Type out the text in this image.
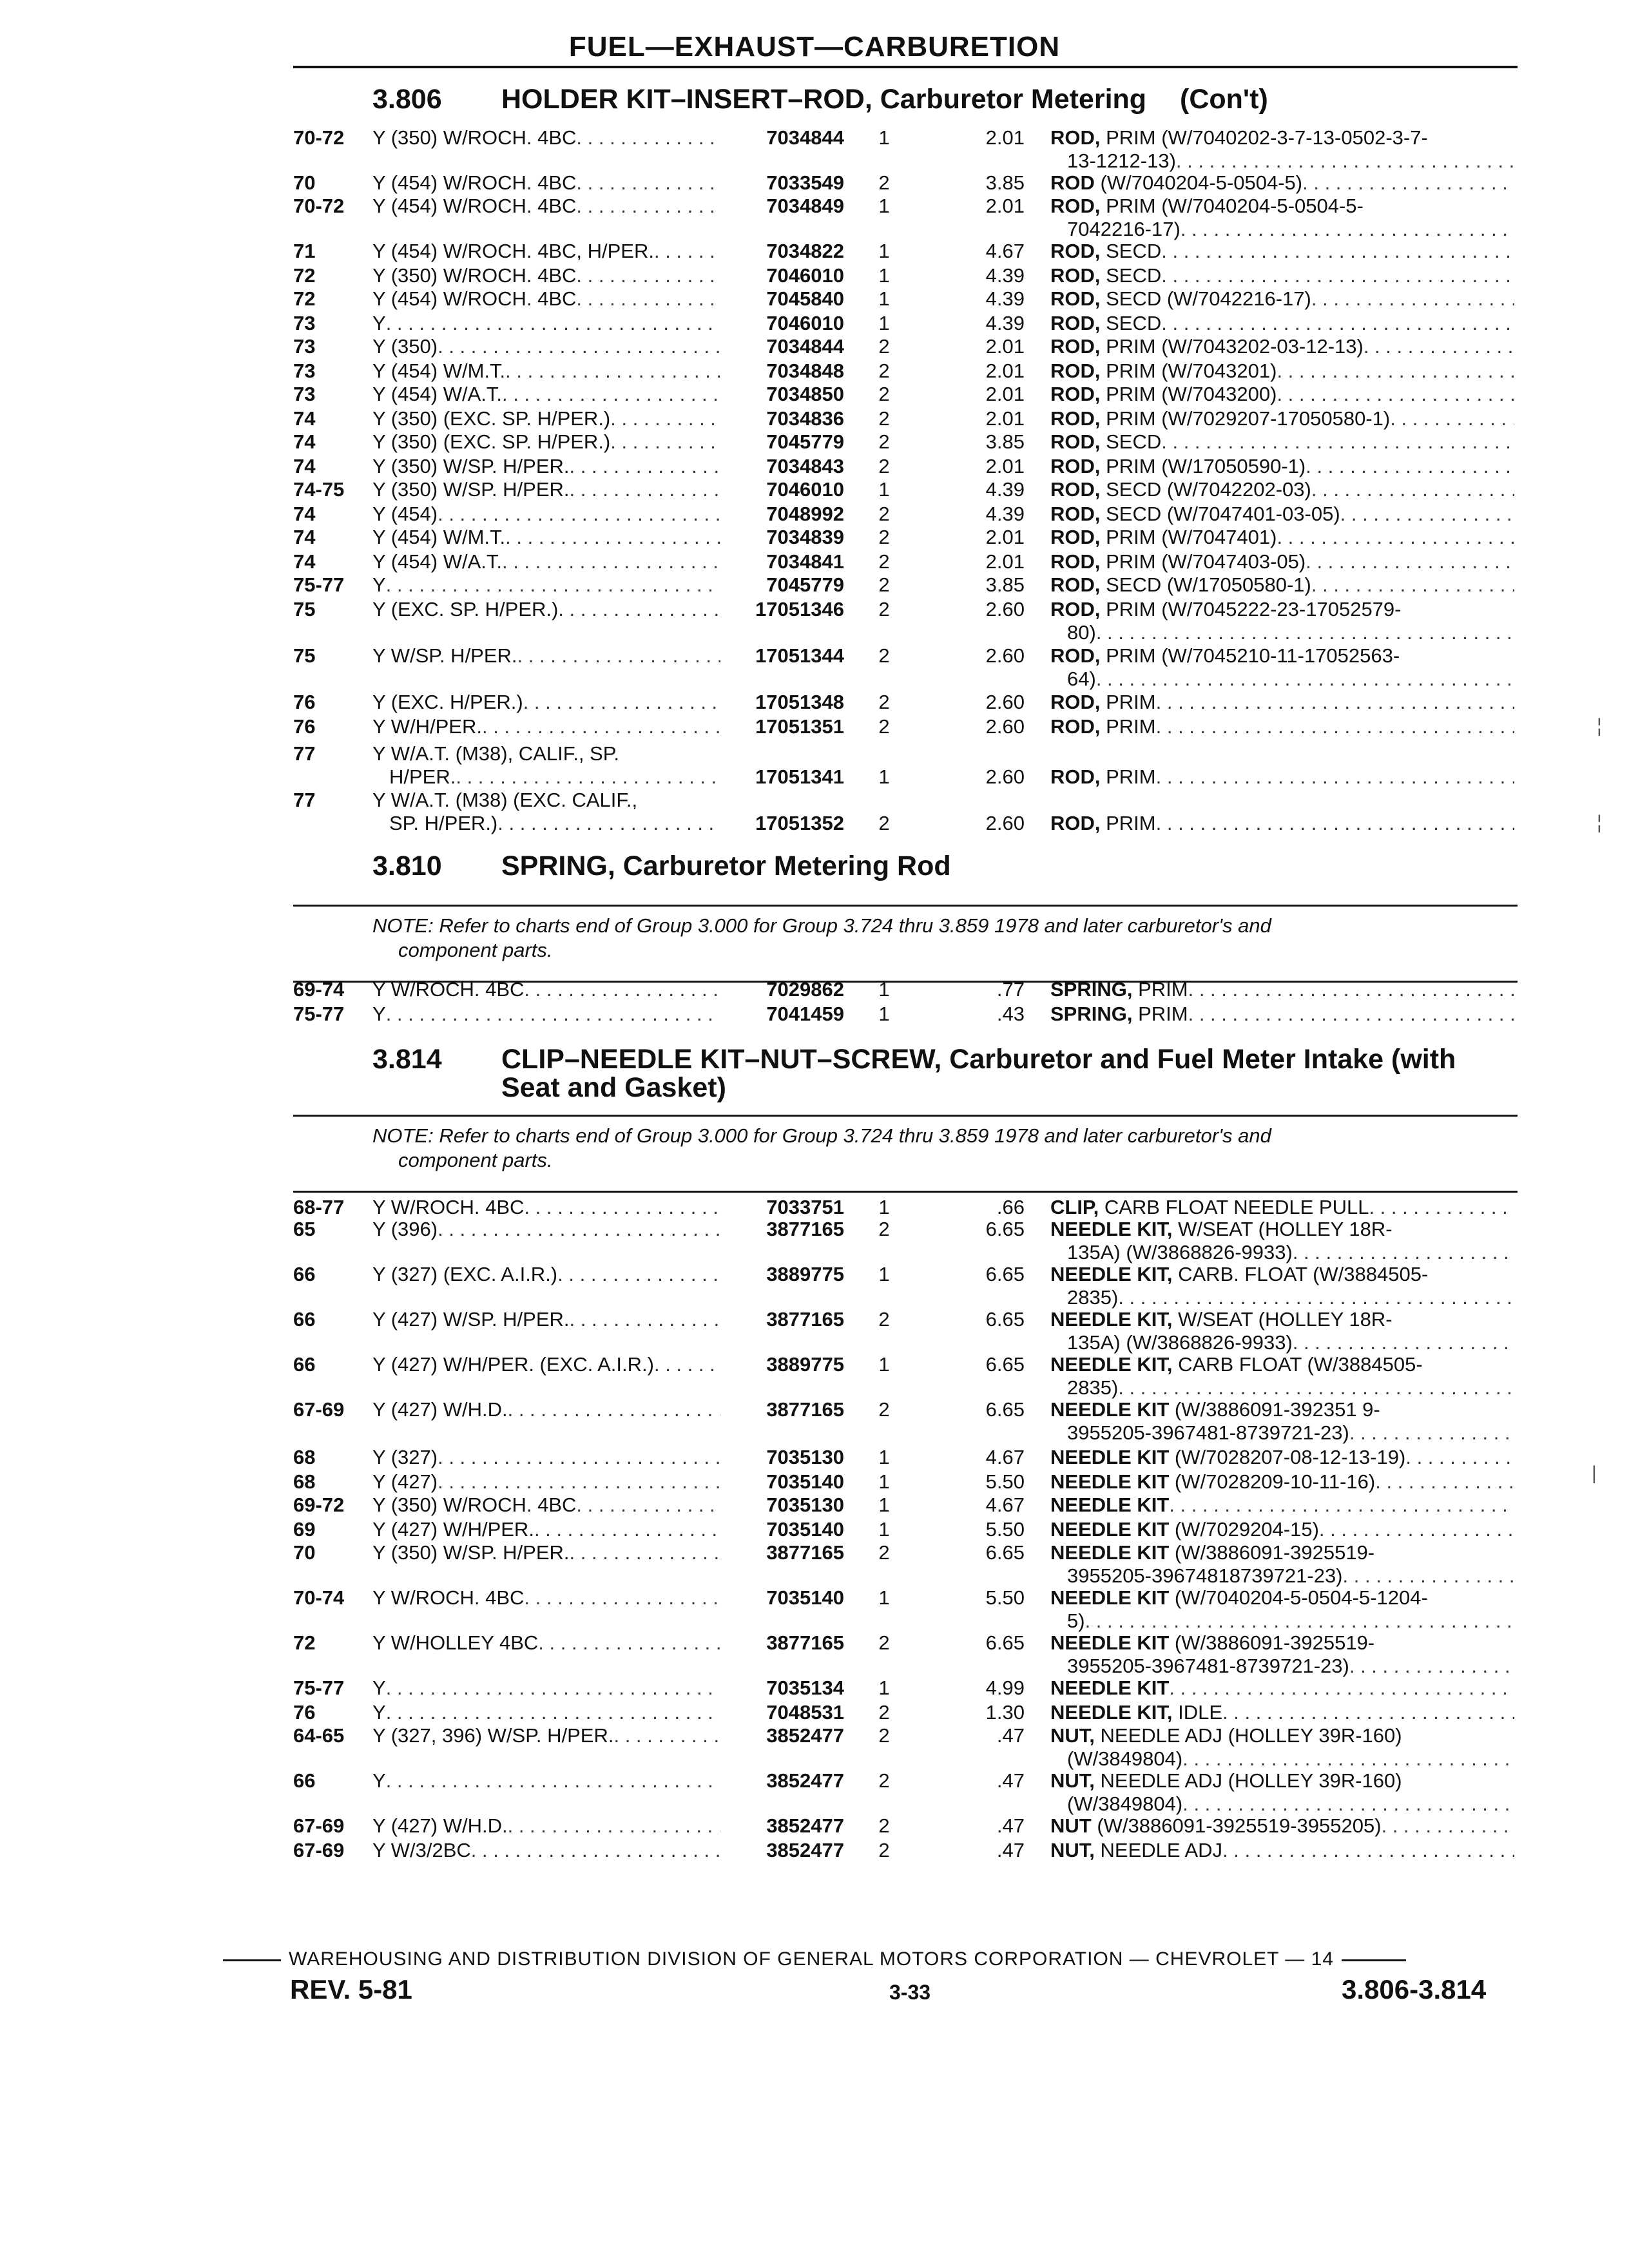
FUEL—EXHAUST—CARBURETION
3.806 HOLDER KIT–INSERT–ROD, Carburetor Metering (Con't)
3.810 SPRING, Carburetor Metering Rod
NOTE: Refer to charts end of Group 3.000 for Group 3.724 thru 3.859 1978 and later carburetor's and
component parts.
3.814 CLIP–NEEDLE KIT–NUT–SCREW, Carburetor and Fuel Meter Intake (with
Seat and Gasket)
NOTE: Refer to charts end of Group 3.000 for Group 3.724 thru 3.859 1978 and later carburetor's and
component parts.
70-72 Y (350) W/ROCH. 4BC . . .	7034844	1	2.01 ROD, PRIM (W/7040202-3-7-13-0502-3-7-
13-1212-13)
. . .
70	Y (454) W/ROCH. 4BC . . .	7033549	2	3.85 ROD (W/7040204-5-0504-5)
. . .
70-72 Y (454) W/ROCH. 4BC . . .	7034849	1	2.01 ROD, PRIM (W/7040204-5-0504-5-
7042216-17)
. . .
71	Y (454) W/ROCH. 4BC, H/PER. . . .	7034822	1	4.67 ROD, SECD
. . .
72	Y (350) W/ROCH. 4BC . . .	7046010	1	4.39 ROD, SECD
. . .
72	Y (454) W/ROCH. 4BC . . .	7045840	1	4.39 ROD, SECD (W/7042216-17)
. . .
73	Y . . .	7046010	1	4.39 ROD, SECD
. . .
73	Y (350) . . .	7034844	2	2.01 ROD, PRIM (W/7043202-03-12-13)
. . .
73	Y (454) W/M.T. . . .	7034848	2	2.01 ROD, PRIM (W/7043201)
. . .
73	Y (454) W/A.T. . . .	7034850	2	2.01 ROD, PRIM (W/7043200)
. . .
74	Y (350) (EXC. SP. H/PER.) . . .	7034836	2	2.01 ROD, PRIM (W/7029207-17050580-1)
. . .
74	Y (350) (EXC. SP. H/PER.) . . .	7045779	2	3.85 ROD, SECD
. . .
74	Y (350) W/SP. H/PER. . . .	7034843	2	2.01 ROD, PRIM (W/17050590-1)
. . .
74-75 Y (350) W/SP. H/PER. . . .	7046010	1	4.39 ROD, SECD (W/7042202-03)
. . .
74	Y (454) . . .	7048992	2	4.39 ROD, SECD (W/7047401-03-05)
. . .
74	Y (454) W/M.T. . . .	7034839	2	2.01 ROD, PRIM (W/7047401)
. . .
74	Y (454) W/A.T. . . .	7034841	2	2.01 ROD, PRIM (W/7047403-05)
. . .
75-77 Y . . .	7045779	2	3.85 ROD, SECD (W/17050580-1)
. . .
75	Y (EXC. SP. H/PER.) . . .	17051346	2	2.60 ROD, PRIM (W/7045222-23-17052579-
80)
. . .
75	Y W/SP. H/PER. . . .	17051344	2	2.60 ROD, PRIM (W/7045210-11-17052563-
64)
. . .
76	Y (EXC. H/PER.) . . .	17051348	2	2.60 ROD, PRIM
. . .
76	Y W/H/PER. . . .	17051351	2	2.60 ROD, PRIM
. . .
77	Y W/A.T. (M38), CALIF., SP.
H/PER. . . .	17051341	1	2.60 ROD, PRIM
. . .
77	Y W/A.T. (M38) (EXC. CALIF.,
SP. H/PER.) . . .	17051352	2	2.60 ROD, PRIM
. . .
69-74 Y W/ROCH. 4BC . . .	7029862	1	.77 SPRING, PRIM
. . .
75-77 Y . . .	7041459	1	.43 SPRING, PRIM
. . .
68-77 Y W/ROCH. 4BC . . .	7033751	1	.66 CLIP, CARB FLOAT NEEDLE PULL
. . .
65	Y (396) . . .	3877165	2	6.65 NEEDLE KIT, W/SEAT (HOLLEY 18R-
135A) (W/3868826-9933)
. . .
66	Y (327) (EXC. A.I.R.) . . .	3889775	1	6.65 NEEDLE KIT, CARB. FLOAT (W/3884505-
2835)
. . .
66	Y (427) W/SP. H/PER. . . .	3877165	2	6.65 NEEDLE KIT, W/SEAT (HOLLEY 18R-
135A) (W/3868826-9933)
. . .
66	Y (427) W/H/PER. (EXC. A.I.R.) . . .	3889775	1	6.65 NEEDLE KIT, CARB FLOAT (W/3884505-
2835)
. . .
67-69 Y (427) W/H.D. . . .	3877165	2	6.65 NEEDLE KIT (W/3886091-392351 9-
3955205-3967481-8739721-23)
. . .
68	Y (327) . . .	7035130	1	4.67 NEEDLE KIT (W/7028207-08-12-13-19)
. . .
68	Y (427) . . .	7035140	1	5.50 NEEDLE KIT (W/7028209-10-11-16)
. . .
69-72 Y (350) W/ROCH. 4BC . . .	7035130	1	4.67 NEEDLE KIT
. . .
69	Y (427) W/H/PER. . . .	7035140	1	5.50 NEEDLE KIT (W/7029204-15)
. . .
70	Y (350) W/SP. H/PER. . . .	3877165	2	6.65 NEEDLE KIT (W/3886091-3925519-
3955205-39674818739721-23)
. . .
70-74 Y W/ROCH. 4BC . . .	7035140	1	5.50 NEEDLE KIT (W/7040204-5-0504-5-1204-
5)
. . .
72	Y W/HOLLEY 4BC . . .	3877165	2	6.65 NEEDLE KIT (W/3886091-3925519-
3955205-3967481-8739721-23)
. . .
75-77 Y . . .	7035134	1	4.99 NEEDLE KIT
. . .
76	Y . . .	7048531	2	1.30 NEEDLE KIT, IDLE
. . .
64-65 Y (327, 396) W/SP. H/PER. . . .	3852477	2	.47 NUT, NEEDLE ADJ (HOLLEY 39R-160)
(W/3849804)
. . .
66	Y . . .	3852477	2	.47 NUT, NEEDLE ADJ (HOLLEY 39R-160)
(W/3849804)
. . .
67-69 Y (427) W/H.D. . . .	3852477	2	.47 NUT (W/3886091-3925519-3955205)
. . .
67-69 Y W/3/2BC . . .	3852477	2	.47 NUT, NEEDLE ADJ
. . .
WAREHOUSING AND DISTRIBUTION DIVISION OF GENERAL MOTORS CORPORATION — CHEVROLET — 14
REV. 5-81	3-33	3.806-3.814
¦
¦
|
